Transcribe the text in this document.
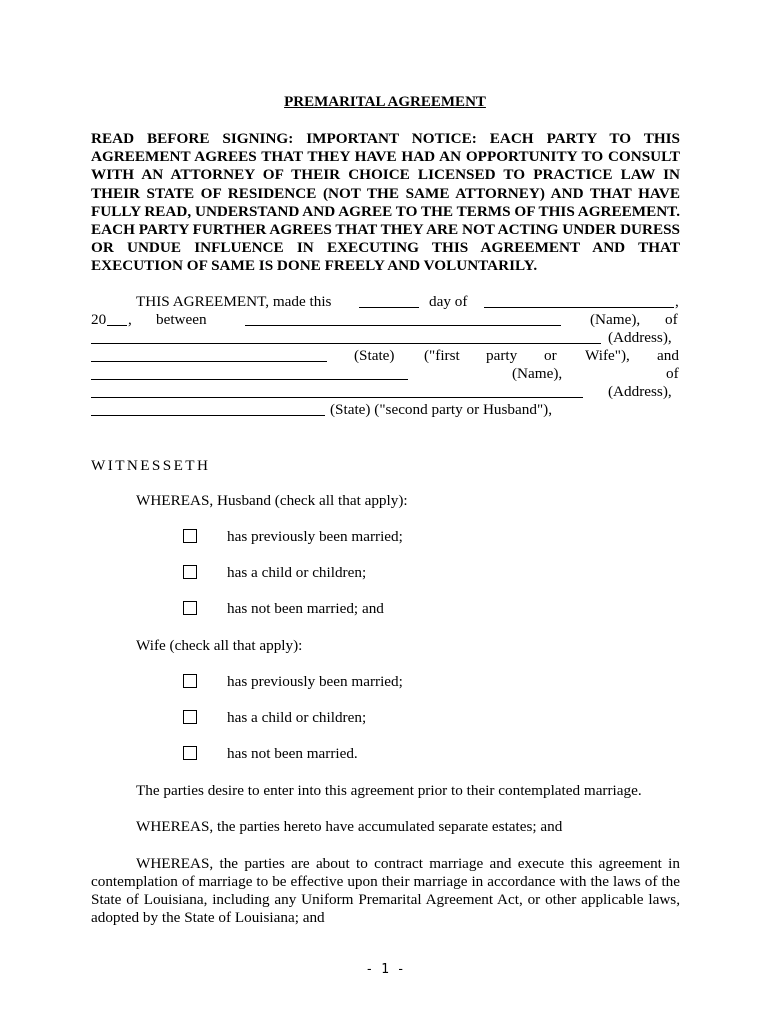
PREMARITAL AGREEMENT
READ BEFORE SIGNING: IMPORTANT NOTICE: EACH PARTY TO THIS AGREEMENT AGREES THAT THEY HAVE HAD AN OPPORTUNITY TO CONSULT WITH AN ATTORNEY OF THEIR CHOICE LICENSED TO PRACTICE LAW IN THEIR STATE OF RESIDENCE (NOT THE SAME ATTORNEY) AND THAT HAVE FULLY READ, UNDERSTAND AND AGREE TO THE TERMS OF THIS AGREEMENT. EACH PARTY FURTHER AGREES THAT THEY ARE NOT ACTING UNDER DURESS OR UNDUE INFLUENCE IN EXECUTING THIS AGREEMENT AND THAT EXECUTION OF SAME IS DONE FREELY AND VOLUNTARILY.
THIS AGREEMENT, made this	day of	,
20 , between	(Name), of
(Address),
(State) ("first party or Wife"), and
(Name),	of
(Address),
(State) ("second party or Husband"),
WITNESSETH
WHEREAS, Husband (check all that apply):
has previously been married;
has a child or children;
has not been married; and
Wife (check all that apply):
has previously been married;
has a child or children;
has not been married.
The parties desire to enter into this agreement prior to their contemplated marriage.
WHEREAS, the parties hereto have accumulated separate estates; and
WHEREAS, the parties are about to contract marriage and execute this agreement in
contemplation of marriage to be effective upon their marriage in accordance with the laws of the
State of Louisiana, including any Uniform Premarital Agreement Act, or other applicable laws,
adopted by the State of Louisiana; and
- 1 -
